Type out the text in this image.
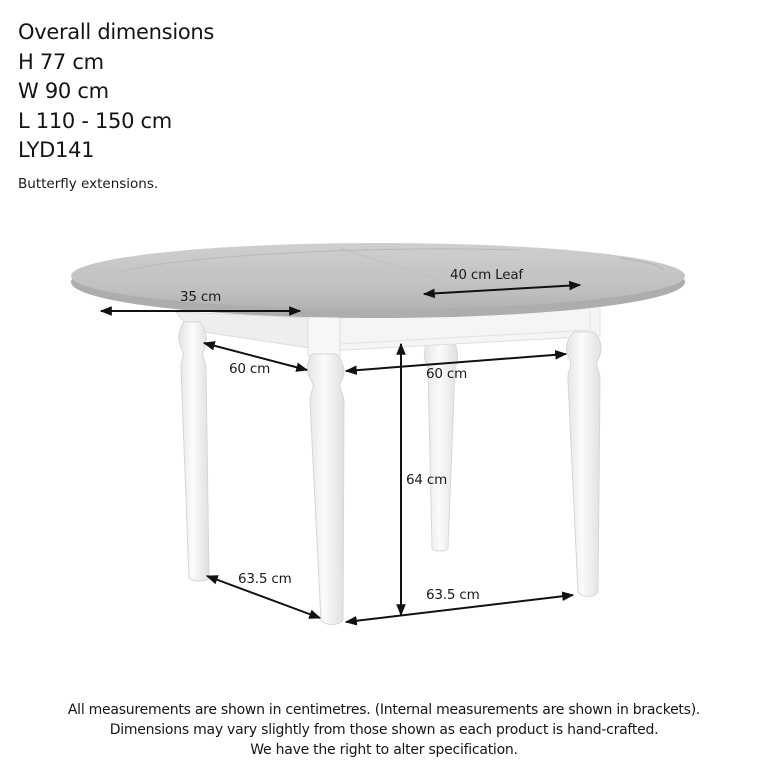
Overall dimensions
H 77 cm
W 90 cm
L 110 - 150 cm
LYD141
Butterfly extensions.
35 cm
40 cm Leaf
60 cm	60 cm
64 cm
63.5 cm
63.5 cm
All measurements are shown in centimetres. (Internal measurements are shown in brackets).
Dimensions may vary slightly from those shown as each product is hand-crafted.
We have the right to alter specification.
